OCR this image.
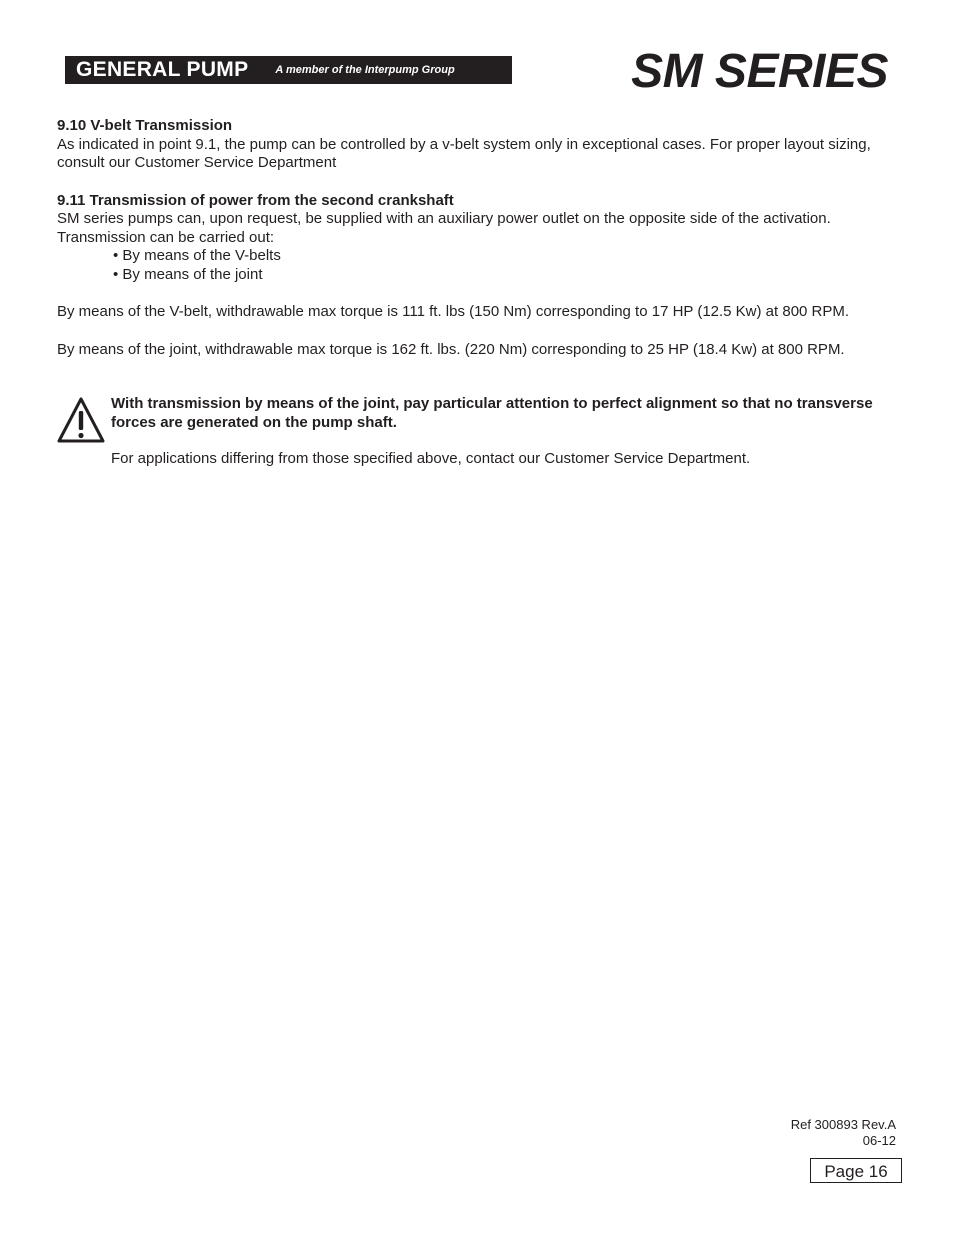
GENERAL PUMP A member of the Interpump Group	SM SERIES

9.10 V-belt Transmission

As indicated in point 9.1, the pump can be controlled by a v-belt system only in exceptional cases. For proper layout sizing, consult our Customer Service Department

9.11 Transmission of power from the second crankshaft

SM series pumps can, upon request, be supplied with an auxiliary power outlet on the opposite side of the activation. Transmission can be carried out:

• By means of the V-belts
• By means of the joint

By means of the V-belt, withdrawable max torque is 111 ft. lbs (150 Nm) corresponding to 17 HP (12.5 Kw) at 800 RPM.

By means of the joint, withdrawable max torque is 162 ft. lbs. (220 Nm) corresponding to 25 HP (18.4 Kw) at 800 RPM.

With transmission by means of the joint, pay particular attention to perfect alignment so that no transverse forces are generated on the pump shaft.

For applications differing from those specified above, contact our Customer Service Department.

Ref 300893 Rev.A
06-12
Page 16
